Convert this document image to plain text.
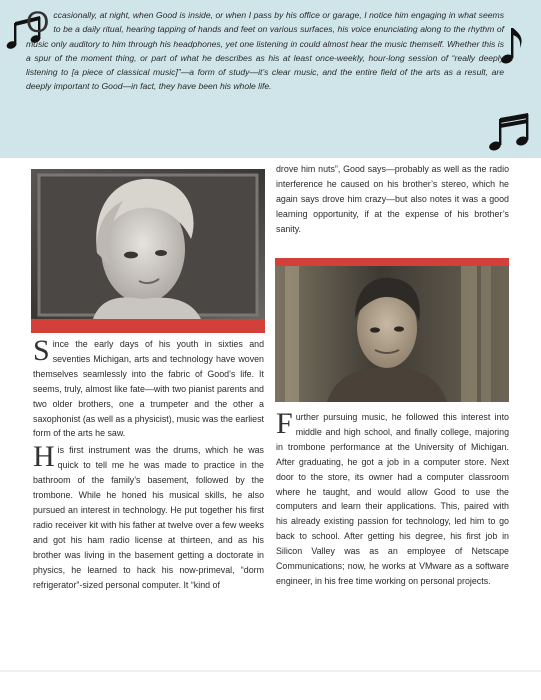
O ccasionally, at night, when Good is inside, or when I pass by his office or garage, I notice him engaging in what seems to be a daily ritual, hearing tapping of hands and feet on various surfaces, his voice enunciating along to the rhythm of music only auditory to him through his headphones, yet one listening in could almost hear the music themself. Whether this is a spur of the moment thing, or part of what he describes as his at least once-weekly, hour-long session of “really deeply listening to [a piece of classical music]”—a form of study—it’s clear music, and the entire field of the arts as a result, are deeply important to Good—in fact, they have been his whole life.

S ince the early days of his youth in sixties and seventies Michigan, arts and technology have woven themselves seamlessly into the fabric of Good’s life. It seems, truly, almost like fate—with two pianist parents and two older brothers, one a trumpeter and the other a saxophonist (as well as a physicist), music was the earliest form of the arts he saw.

H is first instrument was the drums, which he was quick to tell me he was made to practice in the bathroom of the family’s basement, followed by the trombone. While he honed his musical skills, he also pursued an interest in technology. He put together his first radio receiver kit with his father at twelve over a few weeks and got his ham radio license at thirteen, and as his brother was living in the basement getting a doctorate in physics, he learned to hack his now-primeval, “dorm refrigerator”-sized personal computer. It “kind of

drove him nuts”, Good says—probably as well as the radio interference he caused on his brother’s stereo, which he again says drove him crazy—but also notes it was a good learning opportunity, if at the expense of his brother’s sanity.

F urther pursuing music, he followed this interest into middle and high school, and finally college, majoring in trombone performance at the University of Michigan. After graduating, he got a job in a computer store. Next door to the store, its owner had a computer classroom where he taught, and would allow Good to use the computers and learn their applications. This, paired with his already existing passion for technology, led him to go back to school. After getting his degree, his first job in Silicon Valley was as an employee of Netscape Communications; now, he works at VMware as a software engineer, in his free time working on personal projects.
